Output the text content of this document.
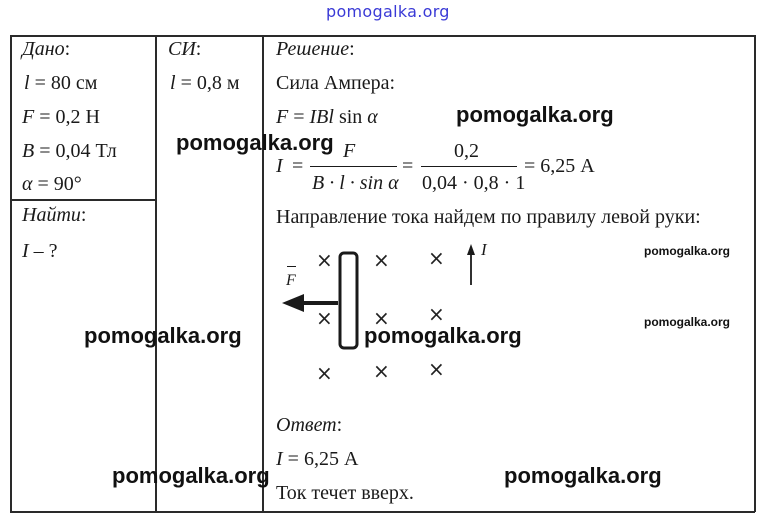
pomogalka.org
Дано:
l = 80 см
F = 0,2 Н
B = 0,04 Тл
α = 90°
Найти:
I – ?
СИ:
l = 0,8 м
Решение:
Сила Ампера:
F = IBl sin α
I =
F
B · l · sin α
=
0,2
0,04 · 0,8 · 1
= 6,25 А
Направление тока найдем по правилу левой руки:
× × ×
× × ×
× × ×
F
I
Ответ:
I = 6,25 А
Ток течет вверх.
pomogalka.org
pomogalka.org
pomogalka.org
pomogalka.org
pomogalka.org	pomogalka.org
pomogalka.org	pomogalka.org
